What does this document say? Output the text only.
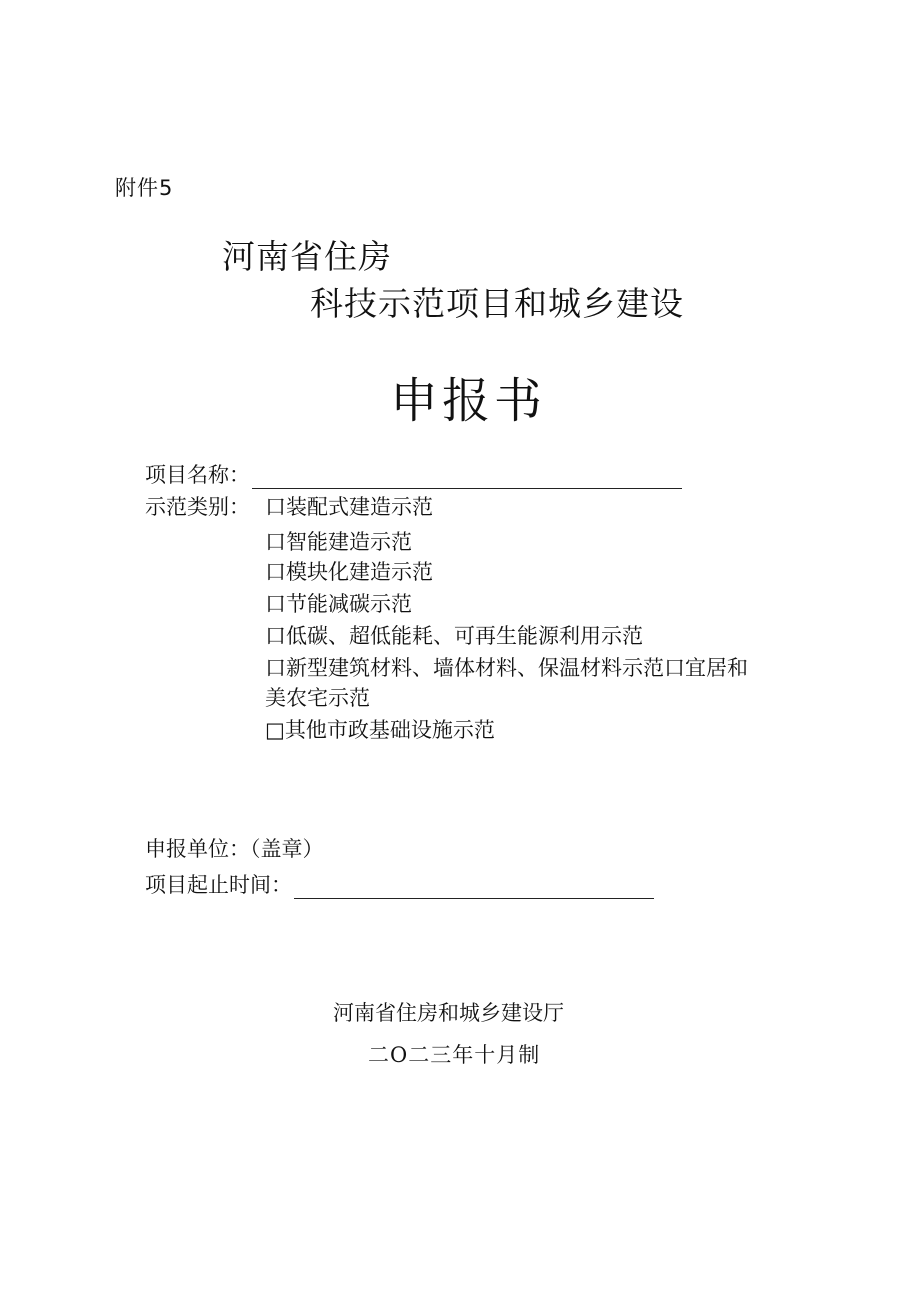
附件5
河南省住房
科技示范项目和城乡建设
申报书
项目名称：
示范类别： 口装配式建造示范
口智能建造示范
口模块化建造示范
口节能减碳示范
口低碳、超低能耗、可再生能源利用示范
口新型建筑材料、墙体材料、保温材料示范口宜居和
美农宅示范
□其他市政基础设施示范
申报单位：（盖章）
项目起止时间：
河南省住房和城乡建设厅
二O二三年十月制
